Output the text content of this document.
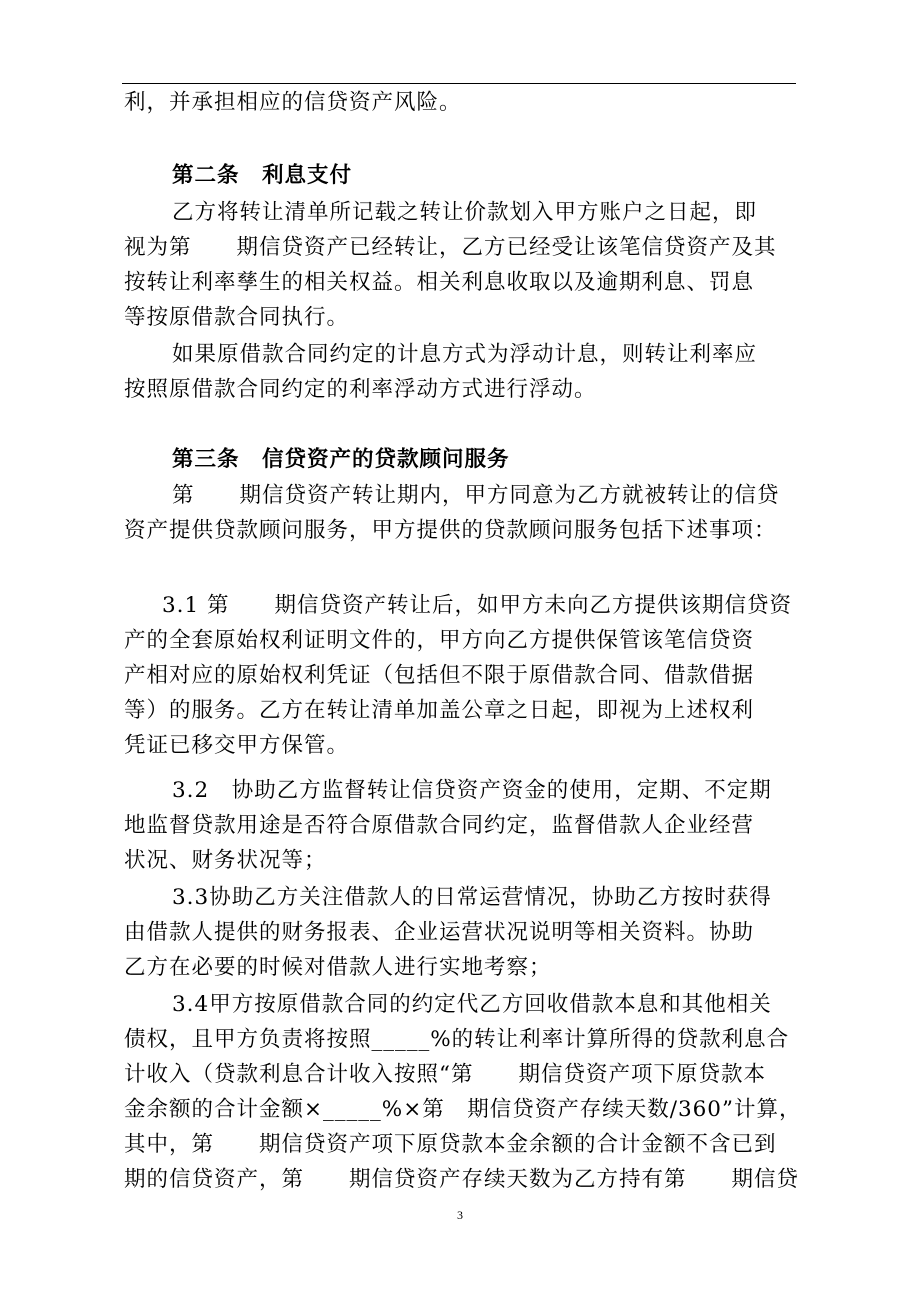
利，并承担相应的信贷资产风险。
第二条　利息支付
乙方将转让清单所记载之转让价款划入甲方账户之日起，即
视为第　　期信贷资产已经转让，乙方已经受让该笔信贷资产及其
按转让利率孳生的相关权益。相关利息收取以及逾期利息、罚息
等按原借款合同执行。
如果原借款合同约定的计息方式为浮动计息，则转让利率应
按照原借款合同约定的利率浮动方式进行浮动。
第三条　信贷资产的贷款顾问服务
第　　期信贷资产转让期内，甲方同意为乙方就被转让的信贷
资产提供贷款顾问服务，甲方提供的贷款顾问服务包括下述事项：
3.1 第　　期信贷资产转让后，如甲方未向乙方提供该期信贷资
产的全套原始权利证明文件的，甲方向乙方提供保管该笔信贷资
产相对应的原始权利凭证（包括但不限于原借款合同、借款借据
等）的服务。乙方在转让清单加盖公章之日起，即视为上述权利
凭证已移交甲方保管。
3.2　协助乙方监督转让信贷资产资金的使用，定期、不定期
地监督贷款用途是否符合原借款合同约定，监督借款人企业经营
状况、财务状况等；
3.3协助乙方关注借款人的日常运营情况，协助乙方按时获得
由借款人提供的财务报表、企业运营状况说明等相关资料。协助
乙方在必要的时候对借款人进行实地考察；
3.4甲方按原借款合同的约定代乙方回收借款本息和其他相关
债权，且甲方负责将按照_____%的转让利率计算所得的贷款利息合
计收入（贷款利息合计收入按照“第　　期信贷资产项下原贷款本
金余额的合计金额×_____%×第　期信贷资产存续天数/360”计算，
其中，第　　期信贷资产项下原贷款本金余额的合计金额不含已到
期的信贷资产，第　　期信贷资产存续天数为乙方持有第　　期信贷
3
